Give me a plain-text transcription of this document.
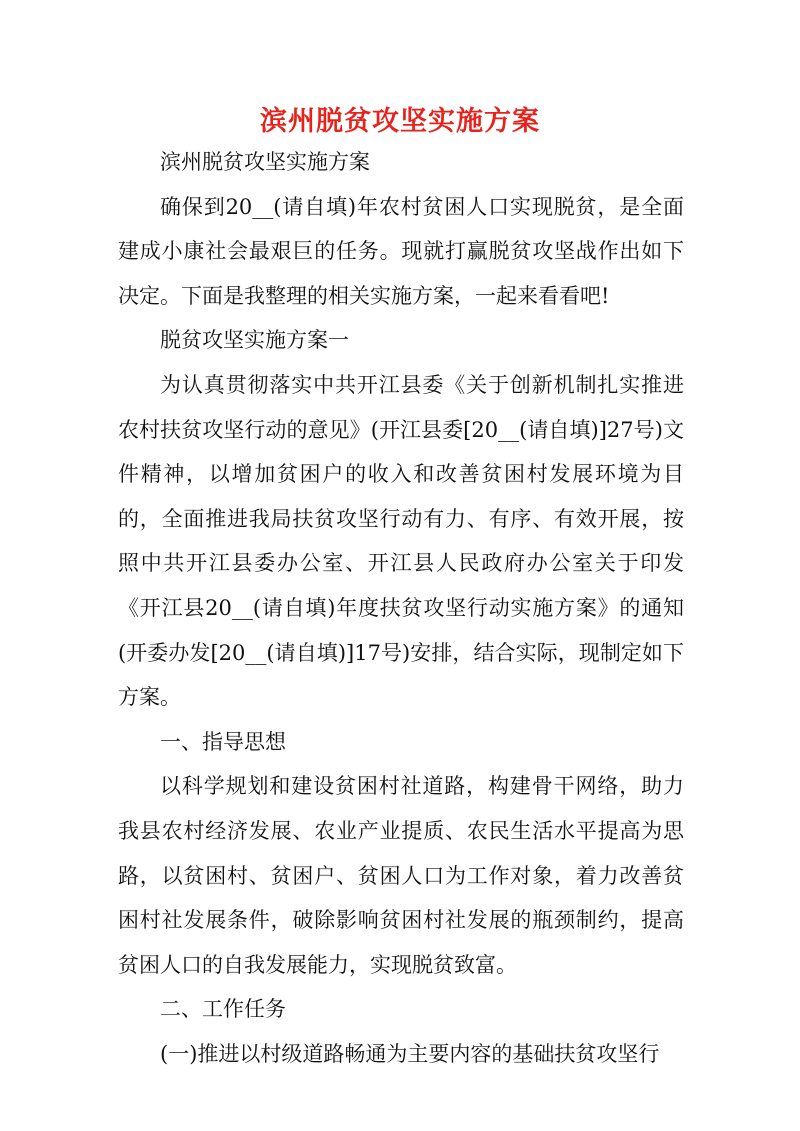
滨州脱贫攻坚实施方案

滨州脱贫攻坚实施方案

确保到20__(请自填)年农村贫困人口实现脱贫，是全面建成小康社会最艰巨的任务。现就打赢脱贫攻坚战作出如下决定。下面是我整理的相关实施方案，一起来看看吧!

脱贫攻坚实施方案一

为认真贯彻落实中共开江县委《关于创新机制扎实推进农村扶贫攻坚行动的意见》(开江县委[20__(请自填)]27号)文件精神，以增加贫困户的收入和改善贫困村发展环境为目的，全面推进我局扶贫攻坚行动有力、有序、有效开展，按照中共开江县委办公室、开江县人民政府办公室关于印发《开江县20__(请自填)年度扶贫攻坚行动实施方案》的通知(开委办发[20__(请自填)]17号)安排，结合实际，现制定如下方案。

一、指导思想

以科学规划和建设贫困村社道路，构建骨干网络，助力我县农村经济发展、农业产业提质、农民生活水平提高为思路，以贫困村、贫困户、贫困人口为工作对象，着力改善贫困村社发展条件，破除影响贫困村社发展的瓶颈制约，提高贫困人口的自我发展能力，实现脱贫致富。

二、工作任务

(一)推进以村级道路畅通为主要内容的基础扶贫攻坚行
